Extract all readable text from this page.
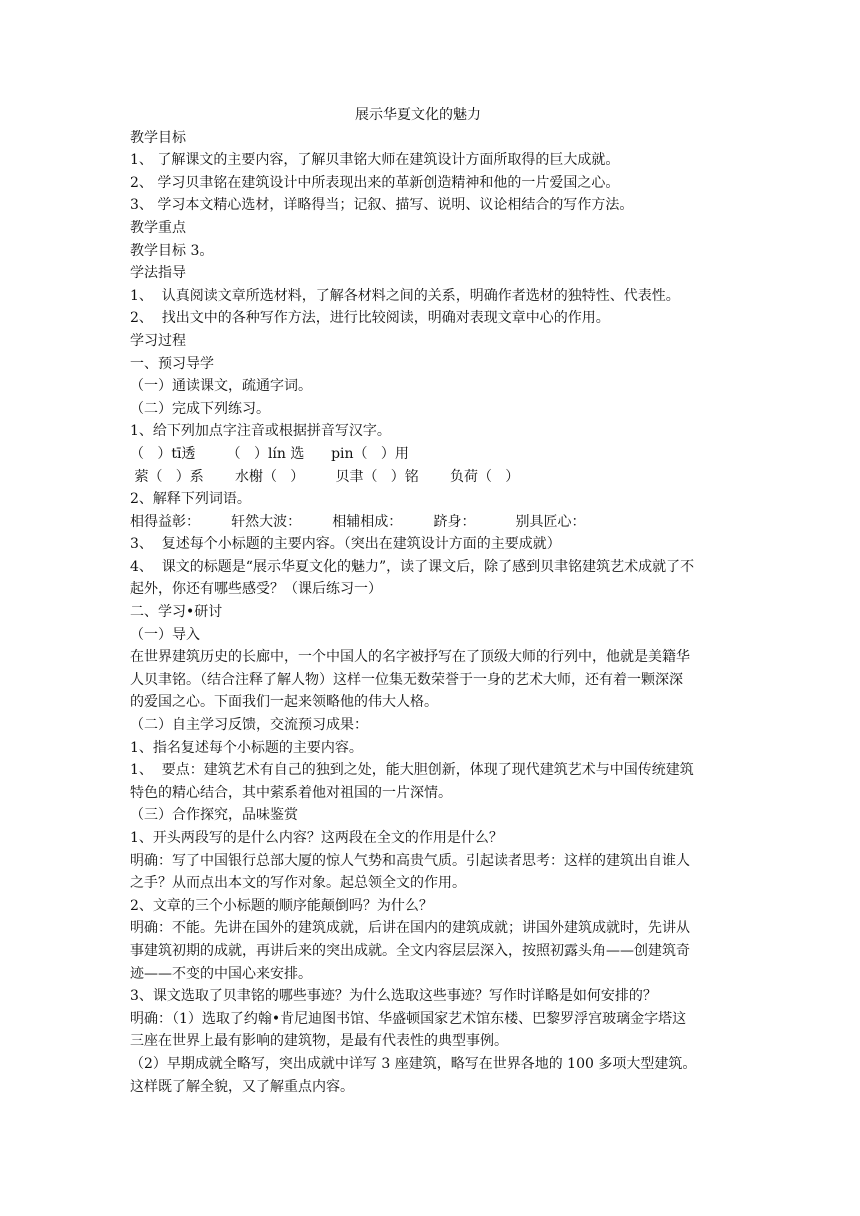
展示华夏文化的魅力
教学目标
1、 了解课文的主要内容，了解贝聿铭大师在建筑设计方面所取得的巨大成就。
2、 学习贝聿铭在建筑设计中所表现出来的革新创造精神和他的一片爱国之心。
3、 学习本文精心选材，详略得当；记叙、描写、说明、议论相结合的写作方法。
教学重点
教学目标 3。
学法指导
1、  认真阅读文章所选材料，了解各材料之间的关系，明确作者选材的独特性、代表性。
2、  找出文中的各种写作方法，进行比较阅读，明确对表现文章中心的作用。
学习过程
一、预习导学
（一）通读课文，疏通字词。
（二）完成下列练习。
1、给下列加点字注音或根据拼音写汉字。
（   ）tī透       （   ）lín 选      pin（   ）用
萦（   ）系       水榭（   ）       贝聿（   ）铭       负荷（   ）
2、解释下列词语。
相得益彰：       轩然大波：       相辅相成：       跻身：         别具匠心：
3、  复述每个小标题的主要内容。（突出在建筑设计方面的主要成就）
4、  课文的标题是“展示华夏文化的魅力”，读了课文后，除了感到贝聿铭建筑艺术成就了不
起外，你还有哪些感受？（课后练习一）
二、学习•研讨
（一）导入
在世界建筑历史的长廊中，一个中国人的名字被抒写在了顶级大师的行列中，他就是美籍华
人贝聿铭。（结合注释了解人物）这样一位集无数荣誉于一身的艺术大师，还有着一颗深深
的爱国之心。下面我们一起来领略他的伟大人格。
（二）自主学习反馈，交流预习成果：
1、指名复述每个小标题的主要内容。
1、  要点：建筑艺术有自己的独到之处，能大胆创新，体现了现代建筑艺术与中国传统建筑
特色的精心结合，其中萦系着他对祖国的一片深情。
（三）合作探究，品味鉴赏
1、开头两段写的是什么内容？这两段在全文的作用是什么？
明确：写了中国银行总部大厦的惊人气势和高贵气质。引起读者思考：这样的建筑出自谁人
之手？从而点出本文的写作对象。起总领全文的作用。
2、文章的三个小标题的顺序能颠倒吗？为什么？
明确：不能。先讲在国外的建筑成就，后讲在国内的建筑成就；讲国外建筑成就时，先讲从
事建筑初期的成就，再讲后来的突出成就。全文内容层层深入，按照初露头角——创建筑奇
迹——不变的中国心来安排。
3、课文选取了贝聿铭的哪些事迹？为什么选取这些事迹？写作时详略是如何安排的？
明确：（1）选取了约翰•肯尼迪图书馆、华盛顿国家艺术馆东楼、巴黎罗浮宫玻璃金字塔这
三座在世界上最有影响的建筑物，是最有代表性的典型事例。
（2）早期成就全略写，突出成就中详写 3 座建筑，略写在世界各地的 100 多项大型建筑。
这样既了解全貌，又了解重点内容。
